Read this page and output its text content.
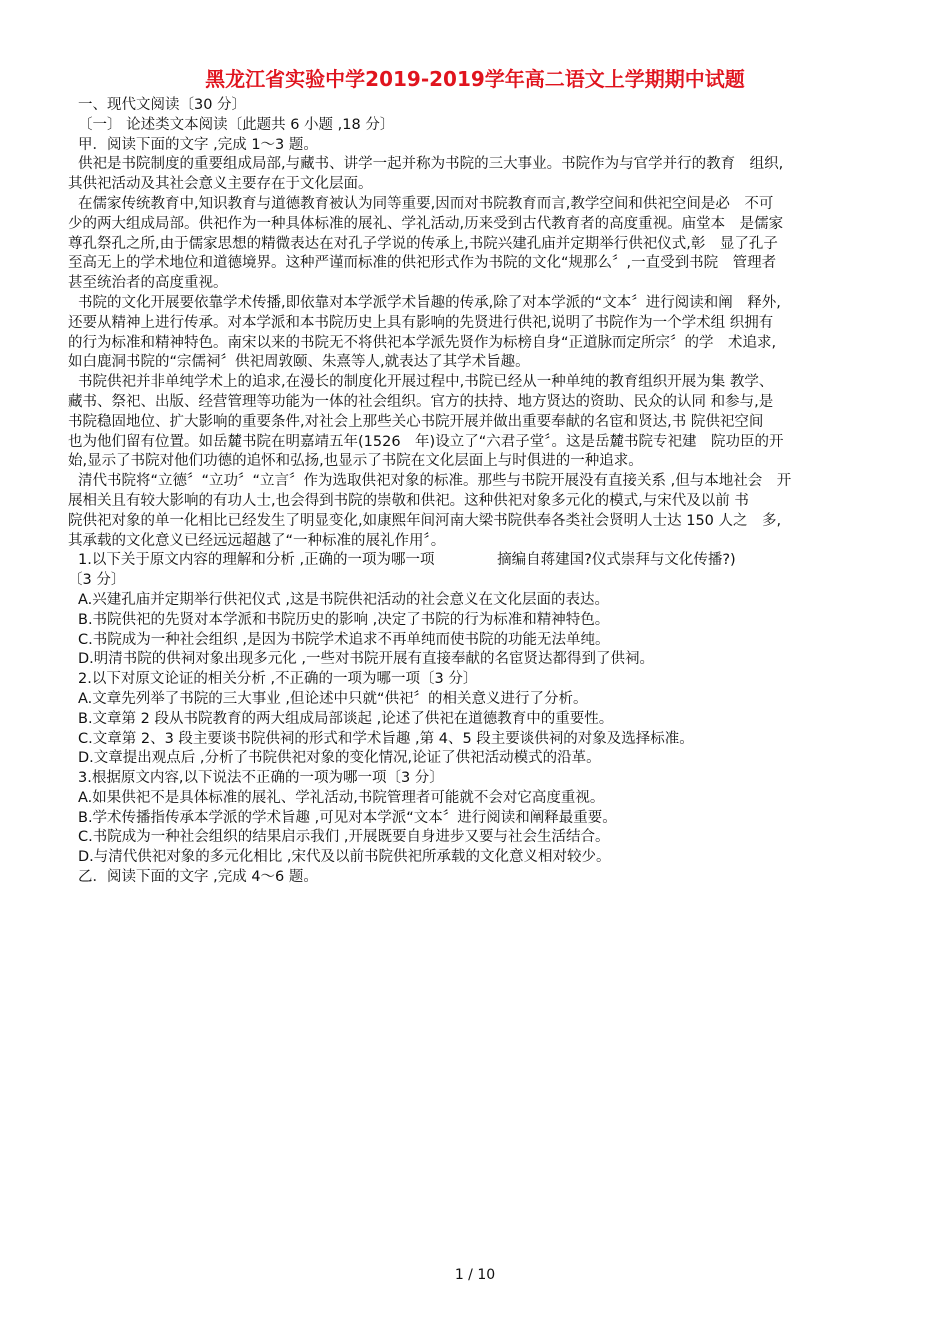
黑龙江省实验中学2019-2019学年高二语文上学期期中试题

一、现代文阅读〔30 分〕

〔一〕 论述类文本阅读〔此题共 6 小题 ,18 分〕

甲．阅读下面的文字 ,完成 1～3 题。

供祀是书院制度的重要组成局部,与藏书、讲学一起并称为书院的三大事业。书院作为与官学并行的教育　组织,

其供祀活动及其社会意义主要存在于文化层面。

在儒家传统教育中,知识教育与道德教育被认为同等重要,因而对书院教育而言,教学空间和供祀空间是必　不可

少的两大组成局部。供祀作为一种具体标准的展礼、学礼活动,历来受到古代教育者的高度重视。庙堂本　是儒家

尊孔祭孔之所,由于儒家思想的精微表达在对孔子学说的传承上,书院兴建孔庙并定期举行供祀仪式,彰　显了孔子

至高无上的学术地位和道德境界。这种严谨而标准的供祀形式作为书院的文化“规那么〞,一直受到书院　管理者

甚至统治者的高度重视。

书院的文化开展要依靠学术传播,即依靠对本学派学术旨趣的传承,除了对本学派的“文本〞进行阅读和阐　释外,

还要从精神上进行传承。对本学派和本书院历史上具有影响的先贤进行供祀,说明了书院作为一个学术组 织拥有

的行为标准和精神特色。南宋以来的书院无不将供祀本学派先贤作为标榜自身“正道脉而定所宗〞的学　术追求,

如白鹿洞书院的“宗儒祠〞供祀周敦颐、朱熹等人,就表达了其学术旨趣。

书院供祀并非单纯学术上的追求,在漫长的制度化开展过程中,书院已经从一种单纯的教育组织开展为集 教学、

藏书、祭祀、出版、经营管理等功能为一体的社会组织。官方的扶持、地方贤达的资助、民众的认同 和参与,是

书院稳固地位、扩大影响的重要条件,对社会上那些关心书院开展并做出重要奉献的名宦和贤达,书 院供祀空间

也为他们留有位置。如岳麓书院在明嘉靖五年(1526　年)设立了“六君子堂〞。这是岳麓书院专祀建　院功臣的开

始,显示了书院对他们功德的追怀和弘扬,也显示了书院在文化层面上与时俱进的一种追求。

清代书院将“立德〞“立功〞“立言〞作为选取供祀对象的标准。那些与书院开展没有直接关系 ,但与本地社会　开

展相关且有较大影响的有功人士,也会得到书院的崇敬和供祀。这种供祀对象多元化的模式,与宋代及以前 书

院供祀对象的单一化相比已经发生了明显变化,如康熙年间河南大梁书院供奉各类社会贤明人士达 150 人之　多,

其承载的文化意义已经远远超越了“一种标准的展礼作用〞。

1.以下关于原文内容的理解和分析 ,正确的一项为哪一项　　　　 摘编自蒋建国?仪式崇拜与文化传播?)

〔3 分〕

A.兴建孔庙并定期举行供祀仪式 ,这是书院供祀活动的社会意义在文化层面的表达。

B.书院供祀的先贤对本学派和书院历史的影响 ,决定了书院的行为标准和精神特色。

C.书院成为一种社会组织 ,是因为书院学术追求不再单纯而使书院的功能无法单纯。

D.明清书院的供祠对象出现多元化 ,一些对书院开展有直接奉献的名宦贤达都得到了供祠。

2.以下对原文论证的相关分析 ,不正确的一项为哪一项〔3 分〕

A.文章先列举了书院的三大事业 ,但论述中只就“供祀〞的相关意义进行了分析。

B.文章第 2 段从书院教育的两大组成局部谈起 ,论述了供祀在道德教育中的重要性。

C.文章第 2、3 段主要谈书院供祠的形式和学术旨趣 ,第 4、5 段主要谈供祠的对象及选择标准。

D.文章提出观点后 ,分析了书院供祀对象的变化情况,论证了供祀活动模式的沿革。

3.根据原文内容,以下说法不正确的一项为哪一项〔3 分〕

A.如果供祀不是具体标准的展礼、学礼活动,书院管理者可能就不会对它高度重视。

B.学术传播指传承本学派的学术旨趣 ,可见对本学派“文本〞进行阅读和阐释最重要。

C.书院成为一种社会组织的结果启示我们 ,开展既要自身进步又要与社会生活结合。

D.与清代供祀对象的多元化相比 ,宋代及以前书院供祀所承载的文化意义相对较少。

乙．阅读下面的文字 ,完成 4～6 题。

1 / 10
